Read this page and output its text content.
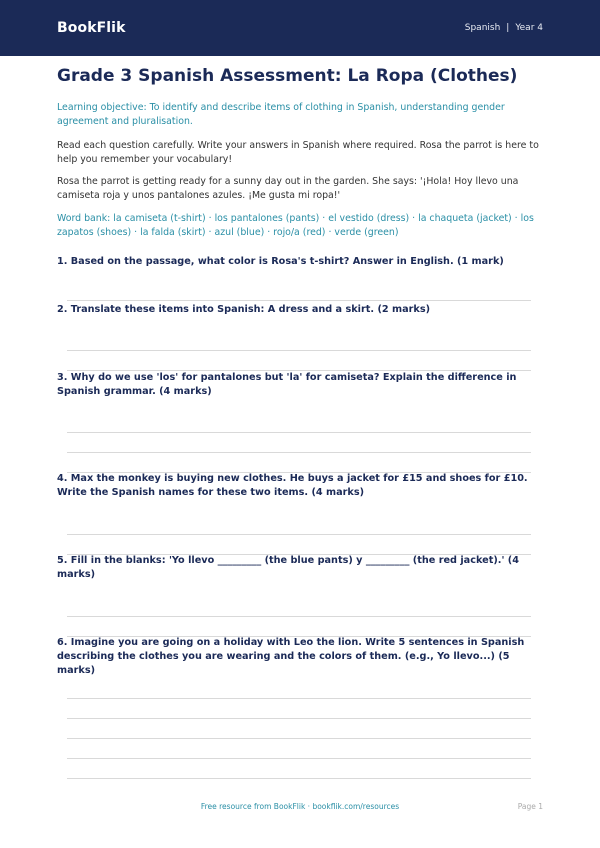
BookFlik	Spanish | Year 4
Grade 3 Spanish Assessment: La Ropa (Clothes)

Learning objective: To identify and describe items of clothing in Spanish, understanding gender agreement and pluralisation.

Read each question carefully. Write your answers in Spanish where required. Rosa the parrot is here to help you remember your vocabulary!

Rosa the parrot is getting ready for a sunny day out in the garden. She says: '¡Hola! Hoy llevo una camiseta roja y unos pantalones azules. ¡Me gusta mi ropa!'

Word bank: la camiseta (t-shirt) · los pantalones (pants) · el vestido (dress) · la chaqueta (jacket) · los zapatos (shoes) · la falda (skirt) · azul (blue) · rojo/a (red) · verde (green)

1. Based on the passage, what color is Rosa's t-shirt? Answer in English. (1 mark)
2. Translate these items into Spanish: A dress and a skirt. (2 marks)
3. Why do we use 'los' for pantalones but 'la' for camiseta? Explain the difference in Spanish grammar. (4 marks)
4. Max the monkey is buying new clothes. He buys a jacket for £15 and shoes for £10. Write the Spanish names for these two items. (4 marks)
5. Fill in the blanks: 'Yo llevo _________ (the blue pants) y _________ (the red jacket).' (4 marks)
6. Imagine you are going on a holiday with Leo the lion. Write 5 sentences in Spanish describing the clothes you are wearing and the colors of them. (e.g., Yo llevo...) (5 marks)
Free resource from BookFlik · bookflik.com/resources	Page 1
